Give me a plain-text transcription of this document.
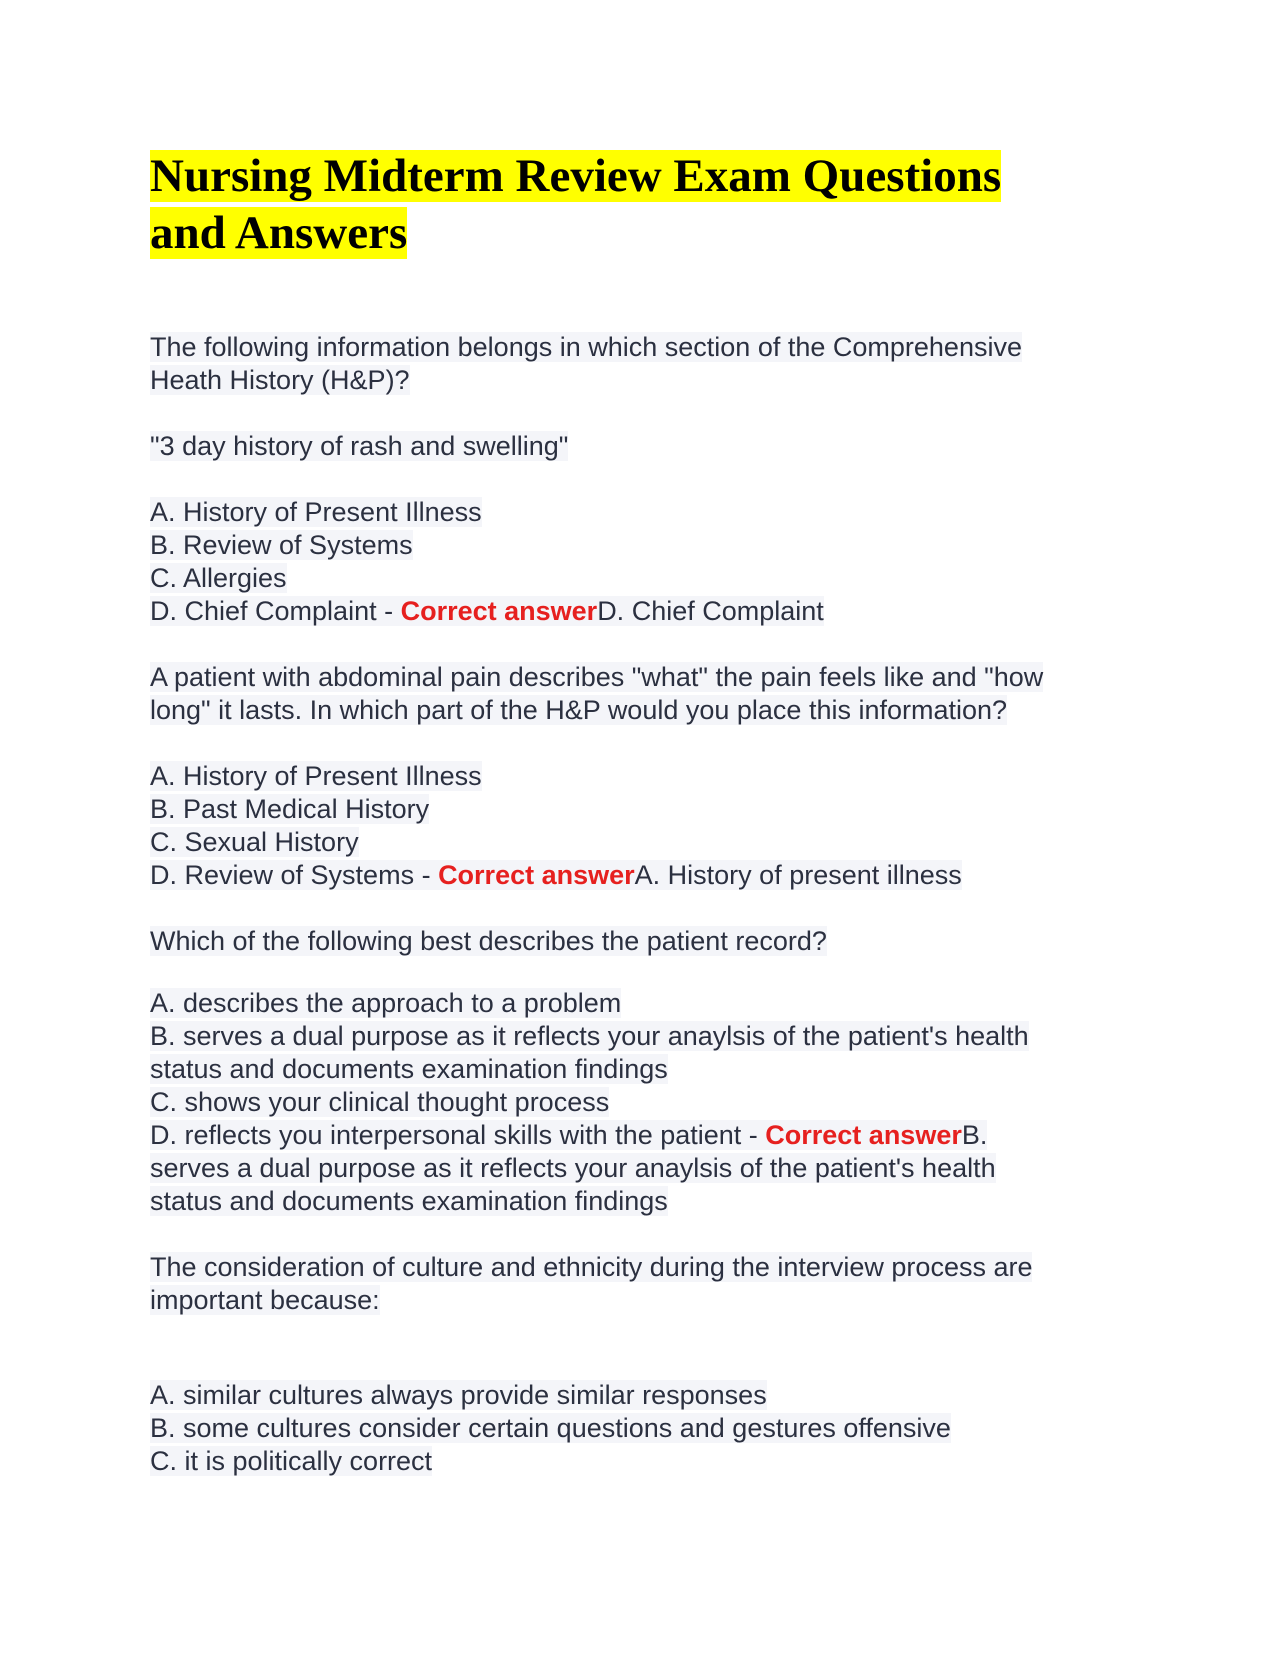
Nursing Midterm Review Exam Questions
and Answers
The following information belongs in which section of the Comprehensive
Heath History (H&P)?
"3 day history of rash and swelling"
A. History of Present Illness
B. Review of Systems
C. Allergies
D. Chief Complaint - Correct answerD. Chief Complaint
A patient with abdominal pain describes "what" the pain feels like and "how
long" it lasts. In which part of the H&P would you place this information?
A. History of Present Illness
B. Past Medical History
C. Sexual History
D. Review of Systems - Correct answerA. History of present illness
Which of the following best describes the patient record?
A. describes the approach to a problem
B. serves a dual purpose as it reflects your anaylsis of the patient's health
status and documents examination findings
C. shows your clinical thought process
D. reflects you interpersonal skills with the patient - Correct answerB.
serves a dual purpose as it reflects your anaylsis of the patient's health
status and documents examination findings
The consideration of culture and ethnicity during the interview process are
important because:
A. similar cultures always provide similar responses
B. some cultures consider certain questions and gestures offensive
C. it is politically correct
